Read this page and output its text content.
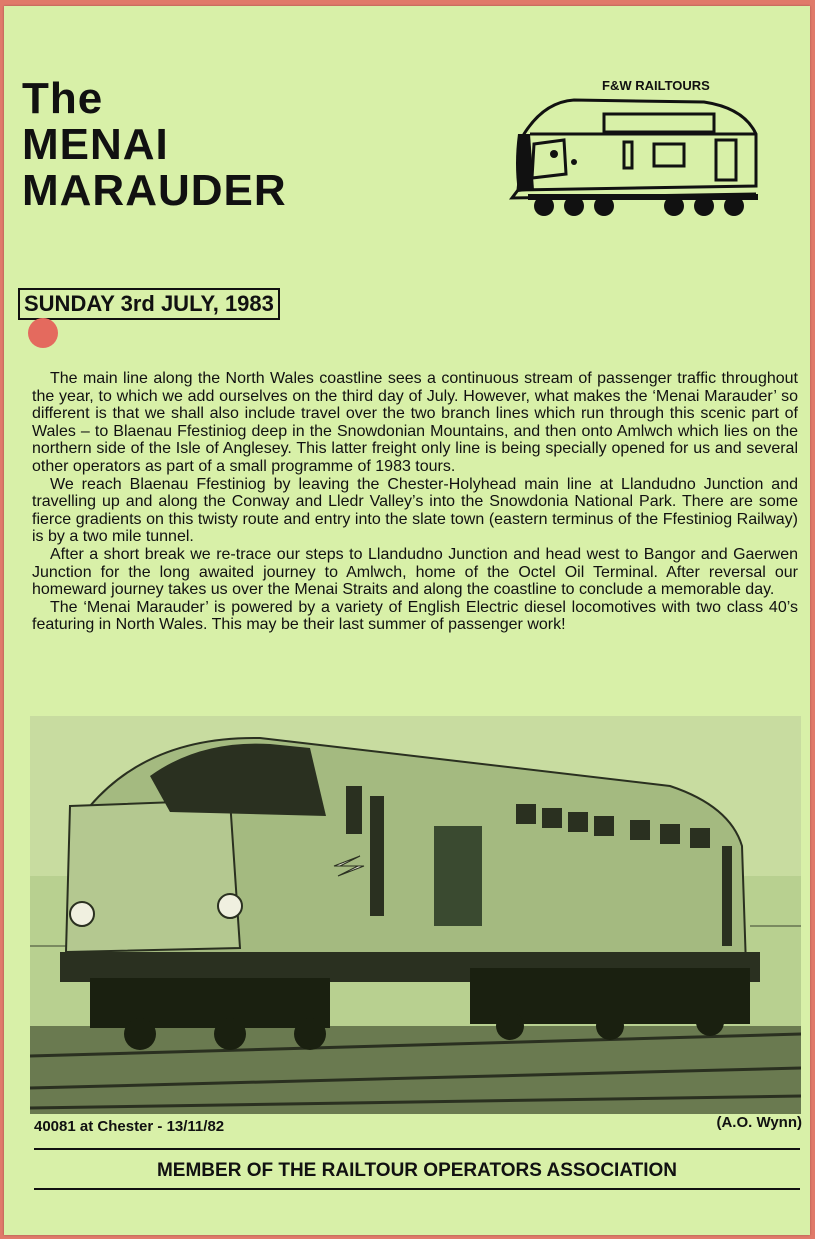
The
MENAI
MARAUDER
F&W RAILTOURS
SUNDAY 3rd JULY, 1983

The main line along the North Wales coastline sees a continuous stream of passenger traffic throughout the year, to which we add ourselves on the third day of July. However, what makes the ‘Menai Marauder’ so different is that we shall also include travel over the two branch lines which run through this scenic part of Wales – to Blaenau Ffestiniog deep in the Snowdonian Mountains, and then onto Amlwch which lies on the northern side of the Isle of Anglesey. This latter freight only line is being specially opened for us and several other operators as part of a small programme of 1983 tours.

We reach Blaenau Ffestiniog by leaving the Chester-Holyhead main line at Llandudno Junction and travelling up and along the Conway and Lledr Valley’s into the Snowdonia National Park. There are some fierce gradients on this twisty route and entry into the slate town (eastern terminus of the Ffestiniog Railway) is by a two mile tunnel.

After a short break we re-trace our steps to Llandudno Junction and head west to Bangor and Gaerwen Junction for the long awaited journey to Amlwch, home of the Octel Oil Terminal. After reversal our homeward journey takes us over the Menai Straits and along the coastline to conclude a memorable day.

The ‘Menai Marauder’ is powered by a variety of English Electric diesel locomotives with two class 40’s featuring in North Wales. This may be their last summer of passenger work!

40081 at Chester - 13/11/82	(A.O. Wynn)
MEMBER OF THE RAILTOUR OPERATORS ASSOCIATION
